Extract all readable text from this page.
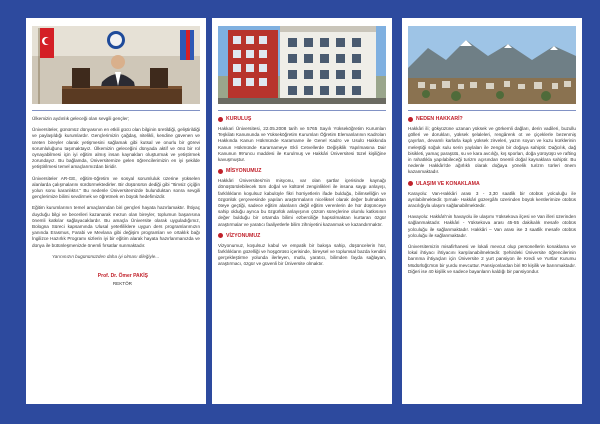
Ülkemizin aydınlık geleceği olan sevgili gençler;

Üniversiteler, günümüz dünyasının en etkili gücü olan bilginin üretildiği, geliştirildiği ve paylaşıldığı kurumlardır. Gençlerimizin çağdaş, nitelikli, kendine güvenen ve üreten bireyler olarak yetişmesini sağlamak gibi kutsal ve onurlu bir görevi sorumluluğunu taşımaktayız. Ülkemizin geleceğini dünyada aktif ve önü bir rol oynayabilmesi için iyi eğitim almış insan kaynakları oluşturmak ve yetiştirmek zorundayız. Bu bağlamda, Üniversitemize gelen öğrencilerimizin en iyi şekilde yetiştirilmesi temel amaçlarımızdan biridir.

Üniversiteler AR-GE, eğitim-öğretim ve sosyal sorumluluk üzerine yükselen alanlarda çalışmalarını sürdürmektedirler. Bir düşünürün dediği gibi "Itimsiz çiçiğin yolun sonu karanlıktır." Bu nedenle Üniversitemizde bulunduktan sonra sevgili gençlerimize bilimi sevdirmek ve öğretmek en büyük hedefimizdir.

Eğitim kurumlarının temel amaçlarından biri gençleri hayata hazırlamaktır. İhtiyaç duyduğu bilgi ve becerileri kazanarak mezun olan bireyler, toplumun başarısına önemli katkılar sağlayacaklardır. Bu amaçla Üniversite olarak uyguladığımız, Bologna Süreci kapsamında Ulusal yeterliliklere uygun ders programlarımızın yanında Erasmus, Farabi ve Mevlana gibi değişim programları ve ortaklık bağı İngilizce Hazırlık Programı sizlerin iyi bir eğitim alarak hayata hazırlanmanızda ve dünya ile bütünleşmenizde önemli fırsatlar sunmaktadır.

Yarınınızın bugününüzden daha iyi olması dileğiyle...

Prof. Dr. Ömer PAKİŞ
REKTÖR
KURULUŞ

Hakkari Üniversitesi, 22.05.2008 tarih ve 5765 Sayılı Yükseköğretim Kurumları Teşkilatı Kanununda ve Yükseköğretim Kurumları Öğretim Elemanlarının Kadroları Hakkında Kanun Hükmünde Kararname ile Genel Kadro ve Usulü Hakkında Kanun Hükmünde Kararnameye Ekli Cetvellerde Değişiklik Yapılmasına Dair Kanunun 99'uncu maddesi ile Kurulmuş ve Hakkâri Üniversitesi tüzel kişiliğine kavuşmuştur.

MİSYONUMUZ

Hakkâri Üniversitesi'nin misyonu, var olan şartlar içerisinde kaynağı dönüştürülebilecek tüm doğal ve kültürel zenginlikleri ile insana saygı anlayışı, farklılıkların koşulsuz kabulüyle fikri hürriyetlerin ifade bulduğu, bilimselliğin ve özgünlük çerçevesinde yapılan araştırmaların niceliksel olarak değer bulmaktan öteye geçtiği, sadece eğitim alanların değil eğitim verenlerin de hür düşünceye sahip olduğu ayrıca bu özgürlük anlayışının çözüm süreçlerine olumlu katkısının değer bulduğu bir ortamda bilimi ezberciliğe hapsolmaktan kurtaran özgür araştırmalar ve yaratıcı faaliyetlerle bilim zihniyetini kazanmak ve kazandırmaktır.

VİZYONUMUZ

Vizyonumuz, koşulsuz kabul ve empatik bir bakışa sahip, düşüncelerin hür, farklılıkların güzelliği ve hoşgörüsü içerisinde, bireysel ve toplumsal bazda kendini gerçekleştirme yolunda ilerleyen, mutlu, yaratıcı, bilimden fayda sağlayan, araştırmacı, özgür ve güvenli bir Üniversite olmaktır.

NEDEN HAKKARİ?

Hakkâri ili; gökyüzüne uzanan yüksek ve görkemli dağları, derin vadileri, buzullu gölleri ve dorukları, yüksek şelaleleri, rengârenk ot ve çiçeklerle bezenmiş çayırları, devamlı karlarla kaplı yüksek zirveleri, yazın soyun ve kuzu kürklerinin meleştiği soğuk sulu serin yaylaları ile zengin bir doğaya sahiptir. Dağcılık, dağ bisikleti, yamaç paraşütü, su ve kara avcılığı, kış sporları, doğa yürüyüşü ve rafting in rahatlıkla yapılabileceği turizm açısından önemli doğal kaynaklara sahiptir. Bu nedenle Hakkâri'de ağırlıklı olarak doğaya yönelik turizm türleri önem kazanmaktadır.

ULAŞIM VE KONAKLAMA

Karayolu: Van-Hakkâri arası 3 - 3,30 saatlik bir otobüs yolculuğu ile ayrılabilmektedir. Şırnak- Hakkâri güzergâhı üzerinden büyük kentlerimize otobüs aracılığıyla ulaşım sağlanabilmektedir.

Havayolu: Hakkâri'nin havayolu ile ulaşımı Yüksekova ilçesi ve Van illeri üzerinden sağlanmaktadır. Hakkâri - Yüksekova arası 45-55 dakikalık mesafe otobüs yolculuğu ile sağlanmaktadır. Hakkâri – Van arası ise 3 saatlik mesafe otobüs yolculuğu ile sağlanmaktadır.

Üniversitemizin misafirhanesi ve lokali mevcut olup personellerin konaklama ve lokal ihtiyacı ihtiyacını karşılanabilmektedir. Şehirdeki Üniversite öğrencilerinin barınma ihtiyaçları için Üniversite 2 yurt pansiyon ile Kredi ve Yurtlar Kurumu Müdürlüğü'nün bir yurdu mevcuttur. Pansiyonlardan biri 90 kişilik ve barınmaktadır. Diğeri ise 40 kişilik ve sadece bayanların kaldığı bir pansiyondur.
